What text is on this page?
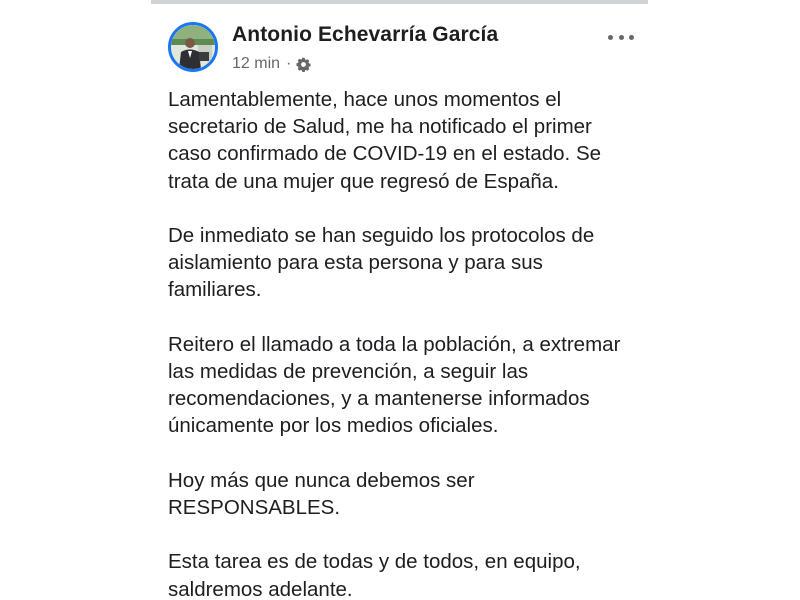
Antonio Echevarría García
12 min ·

Lamentablemente, hace unos momentos el secretario de Salud, me ha notificado el primer caso confirmado de COVID-19 en el estado. Se trata de una mujer que regresó de España.

De inmediato se han seguido los protocolos de aislamiento para esta persona y para sus familiares.

Reitero el llamado a toda la población, a extremar las medidas de prevención, a seguir las recomendaciones, y a mantenerse informados únicamente por los medios oficiales.

Hoy más que nunca debemos ser RESPONSABLES.

Esta tarea es de todas y de todos, en equipo, saldremos adelante.
